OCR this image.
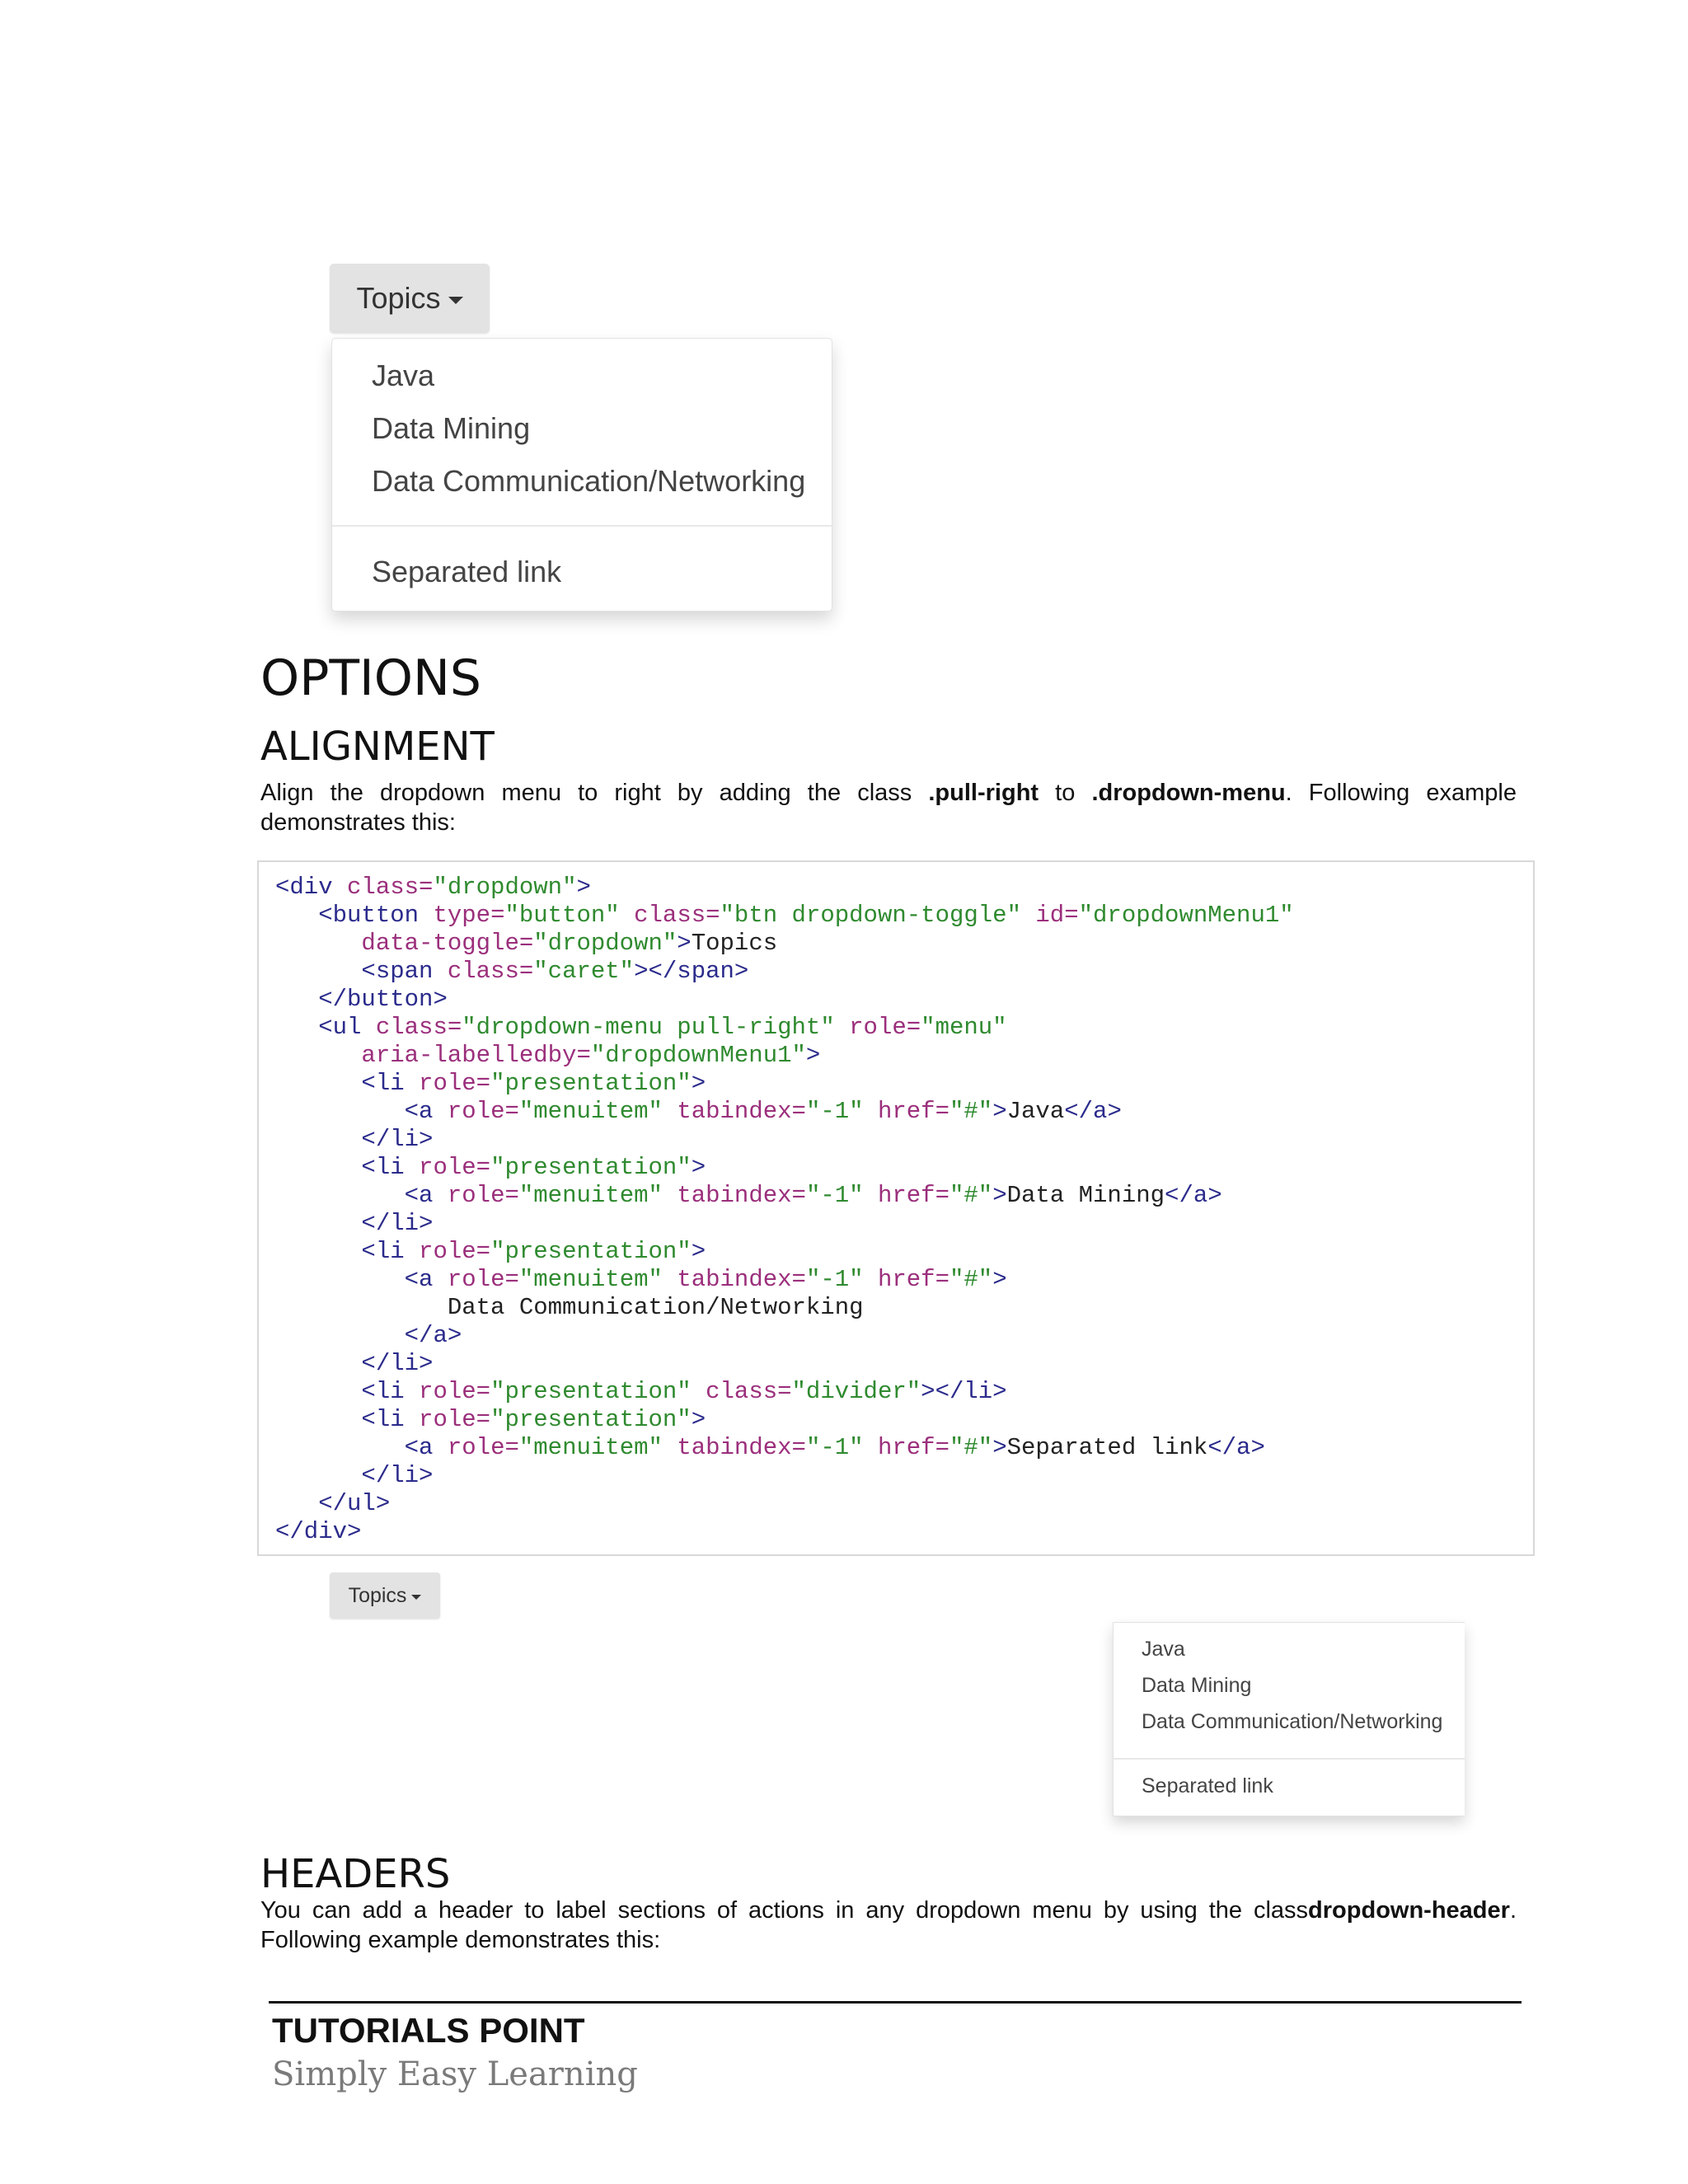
Topics
Java
Data Mining
Data Communication/Networking
Separated link
OPTIONS
ALIGNMENT
Align the dropdown menu to right by adding the class .pull-right to .dropdown-menu. Following example
demonstrates this:
<div class="dropdown">
<button type="button" class="btn dropdown-toggle" id="dropdownMenu1"
data-toggle="dropdown">Topics
<span class="caret"></span>
</button>
<ul class="dropdown-menu pull-right" role="menu"
aria-labelledby="dropdownMenu1">
<li role="presentation">
<a role="menuitem" tabindex="-1" href="#">Java</a>
</li>
<li role="presentation">
<a role="menuitem" tabindex="-1" href="#">Data Mining</a>
</li>
<li role="presentation">
<a role="menuitem" tabindex="-1" href="#">
Data Communication/Networking
</a>
</li>
<li role="presentation" class="divider"></li>
<li role="presentation">
<a role="menuitem" tabindex="-1" href="#">Separated link</a>
</li>
</ul>
</div>
Topics
Java
Data Mining
Data Communication/Networking
Separated link
HEADERS
You can add a header to label sections of actions in any dropdown menu by using the classdropdown-header.
Following example demonstrates this:
TUTORIALS POINT
Simply Easy Learning
